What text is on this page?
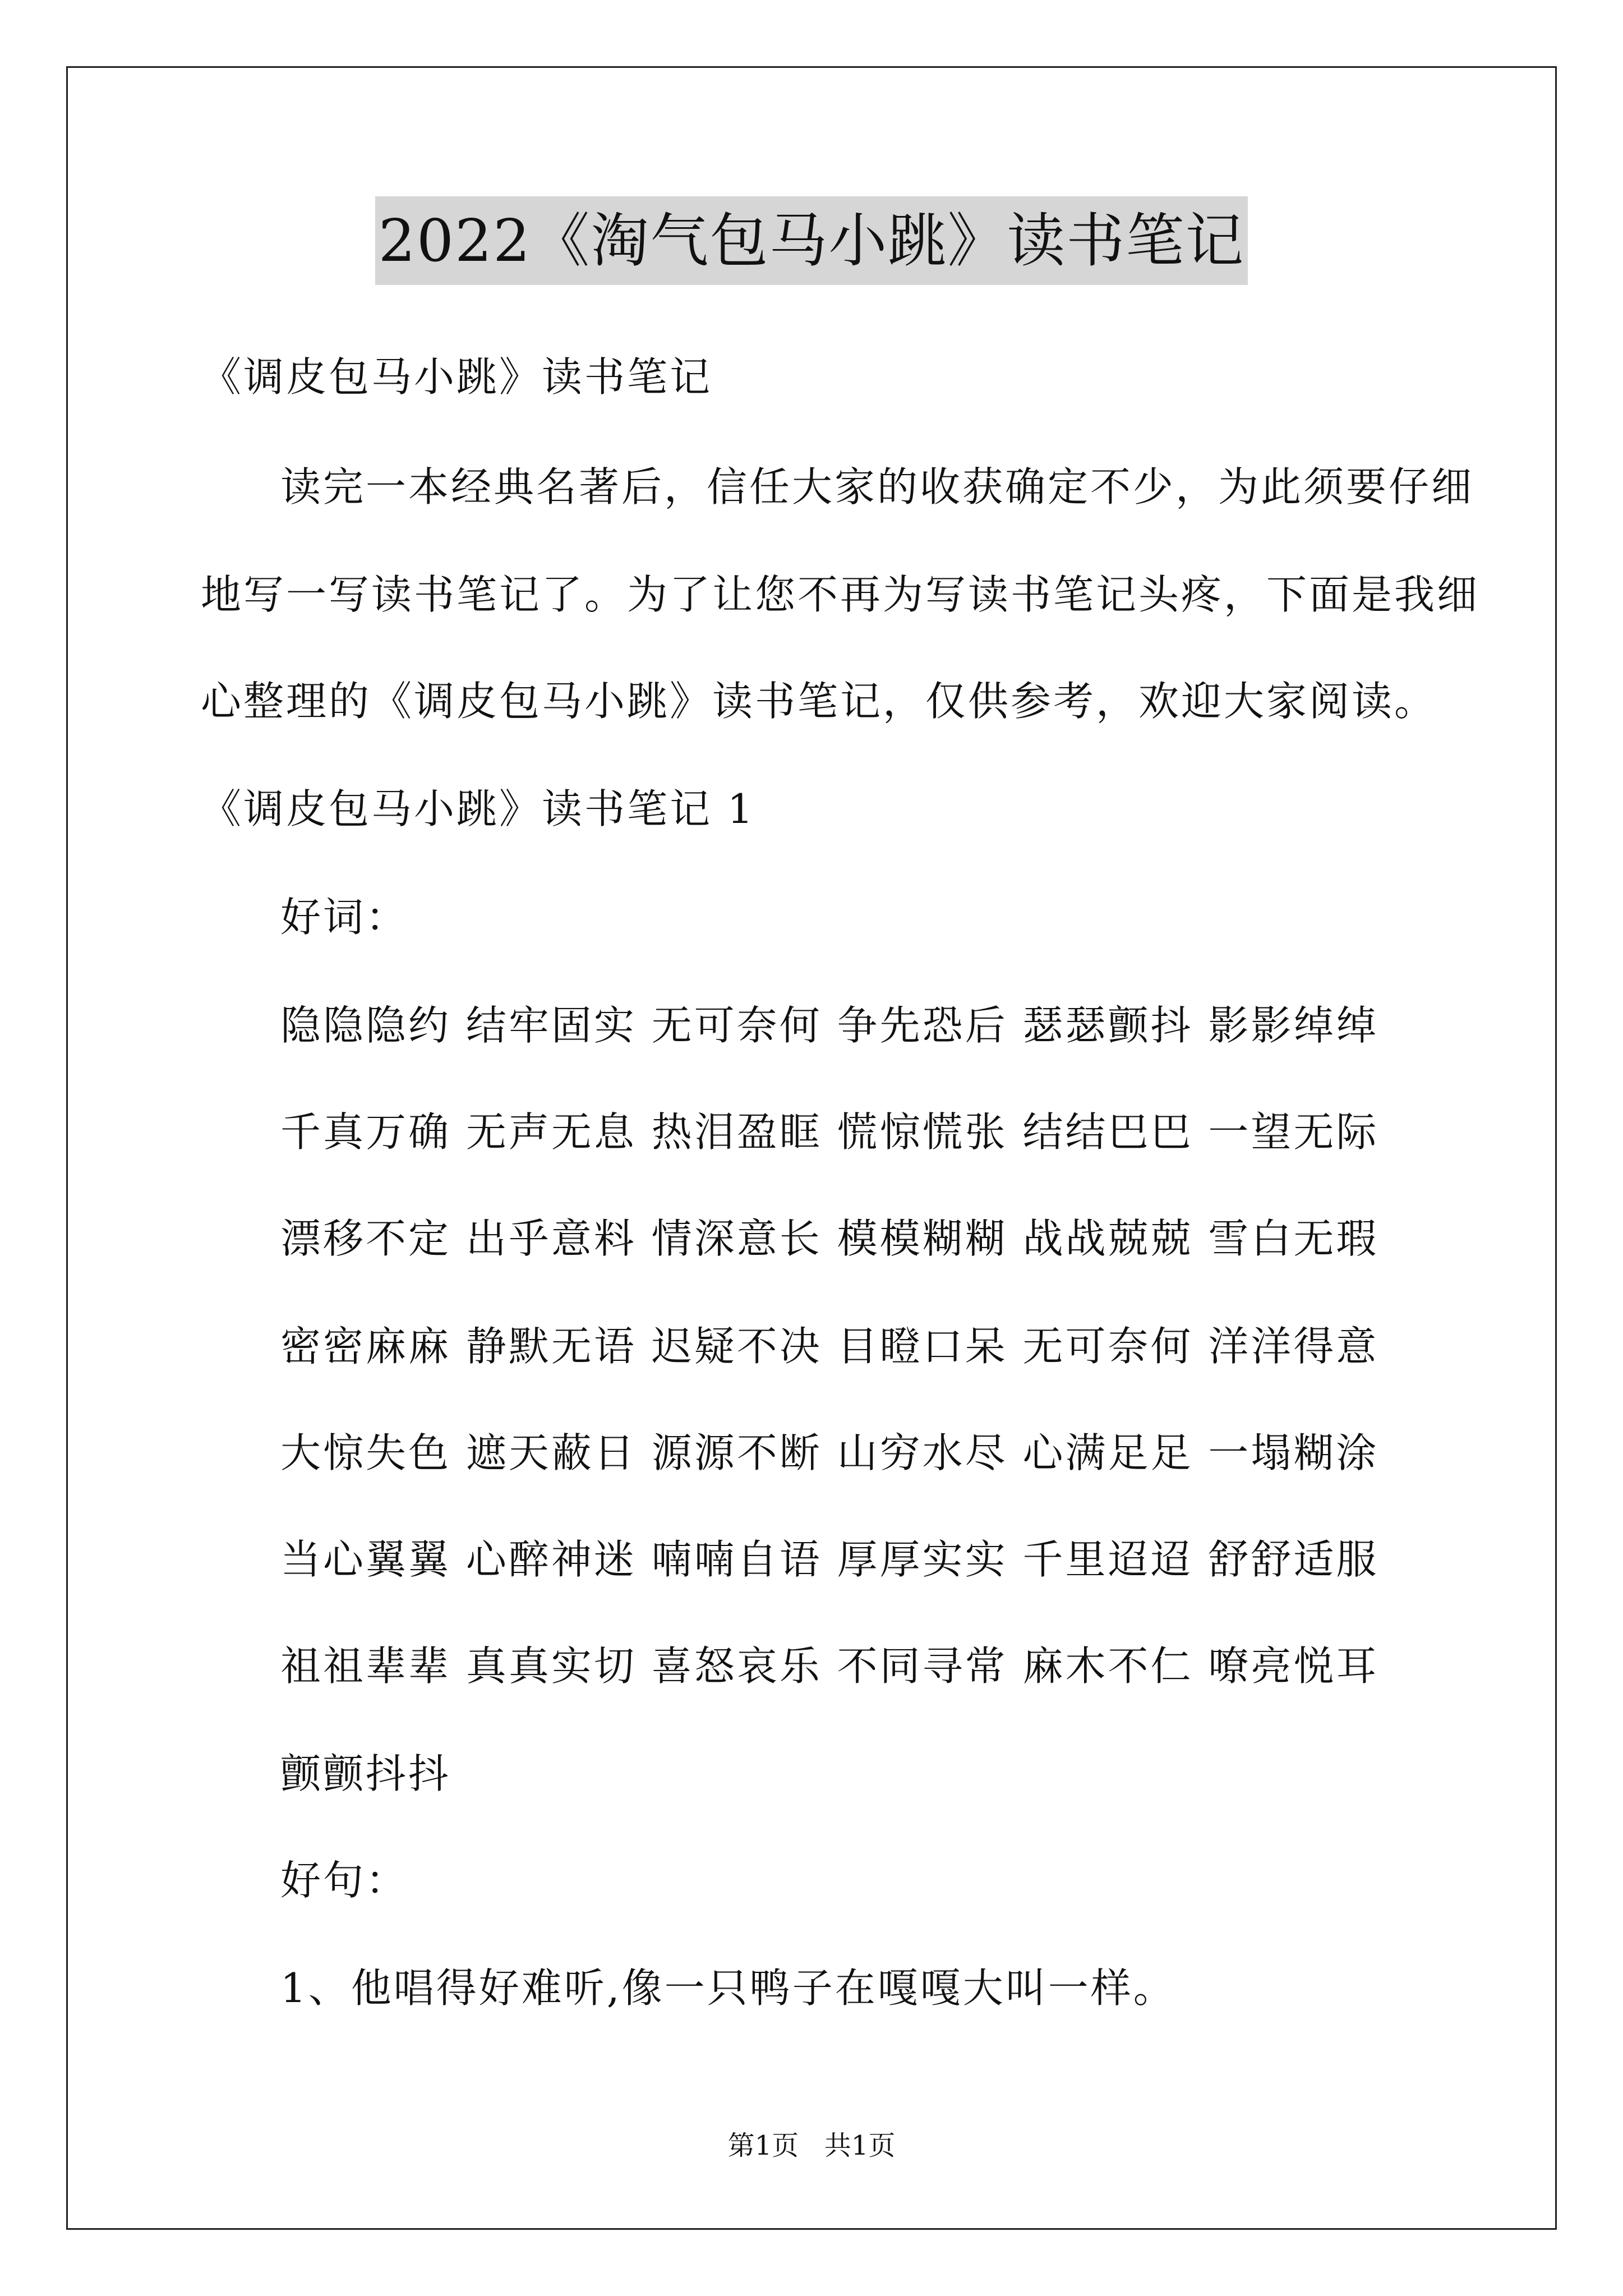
2022《淘气包马小跳》读书笔记
《调皮包马小跳》读书笔记
读完一本经典名著后，信任大家的收获确定不少，为此须要仔细
地写一写读书笔记了。为了让您不再为写读书笔记头疼，下面是我细
心整理的《调皮包马小跳》读书笔记，仅供参考，欢迎大家阅读。
《调皮包马小跳》读书笔记 1
好词：
隐隐隐约 结牢固实 无可奈何 争先恐后 瑟瑟颤抖 影影绰绰
千真万确 无声无息 热泪盈眶 慌惊慌张 结结巴巴 一望无际
漂移不定 出乎意料 情深意长 模模糊糊 战战兢兢 雪白无瑕
密密麻麻 静默无语 迟疑不决 目瞪口呆 无可奈何 洋洋得意
大惊失色 遮天蔽日 源源不断 山穷水尽 心满足足 一塌糊涂
当心翼翼 心醉神迷 喃喃自语 厚厚实实 千里迢迢 舒舒适服
祖祖辈辈 真真实切 喜怒哀乐 不同寻常 麻木不仁 嘹亮悦耳
颤颤抖抖
好句：
1、他唱得好难听,像一只鸭子在嘎嘎大叫一样。
第1页   共1页
